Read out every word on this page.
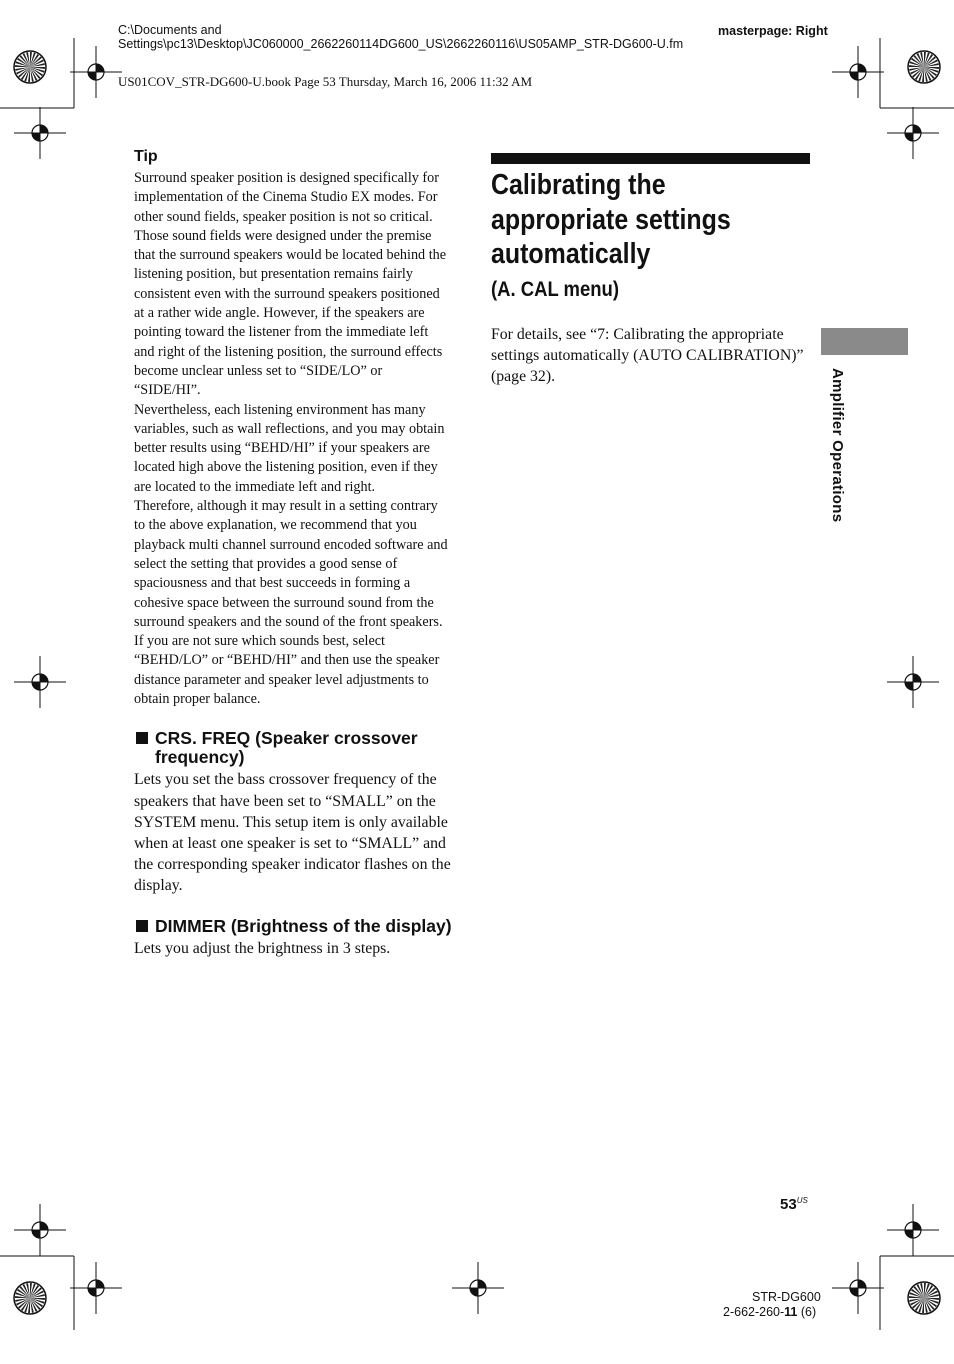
C:\Documents and Settings\pc13\Desktop\JC060000_2662260114DG600_US\2662260116\US05AMP_STR-DG600-U.fm
masterpage: Right
US01COV_STR-DG600-U.book Page 53 Thursday, March 16, 2006 11:32 AM
Tip

Surround speaker position is designed specifically for implementation of the Cinema Studio EX modes. For other sound fields, speaker position is not so critical.

Those sound fields were designed under the premise that the surround speakers would be located behind the listening position, but presentation remains fairly consistent even with the surround speakers positioned at a rather wide angle. However, if the speakers are pointing toward the listener from the immediate left and right of the listening position, the surround effects become unclear unless set to “SIDE/LO” or “SIDE/HI”.

Nevertheless, each listening environment has many variables, such as wall reflections, and you may obtain better results using “BEHD/HI” if your speakers are located high above the listening position, even if they are located to the immediate left and right.

Therefore, although it may result in a setting contrary to the above explanation, we recommend that you playback multi channel surround encoded software and select the setting that provides a good sense of spaciousness and that best succeeds in forming a cohesive space between the surround sound from the surround speakers and the sound of the front speakers. If you are not sure which sounds best, select “BEHD/LO” or “BEHD/HI” and then use the speaker distance parameter and speaker level adjustments to obtain proper balance.

CRS. FREQ (Speaker crossover frequency)

Lets you set the bass crossover frequency of the speakers that have been set to “SMALL” on the SYSTEM menu. This setup item is only available when at least one speaker is set to “SMALL” and the corresponding speaker indicator flashes on the display.

DIMMER (Brightness of the display)

Lets you adjust the brightness in 3 steps.

Calibrating the appropriate settings automatically
(A. CAL menu)

For details, see “7: Calibrating the appropriate settings automatically (AUTO CALIBRATION)” (page 32).	Amplifier Operations
$53^{US}$
STR-DG600
2-662-260-11 (6)
